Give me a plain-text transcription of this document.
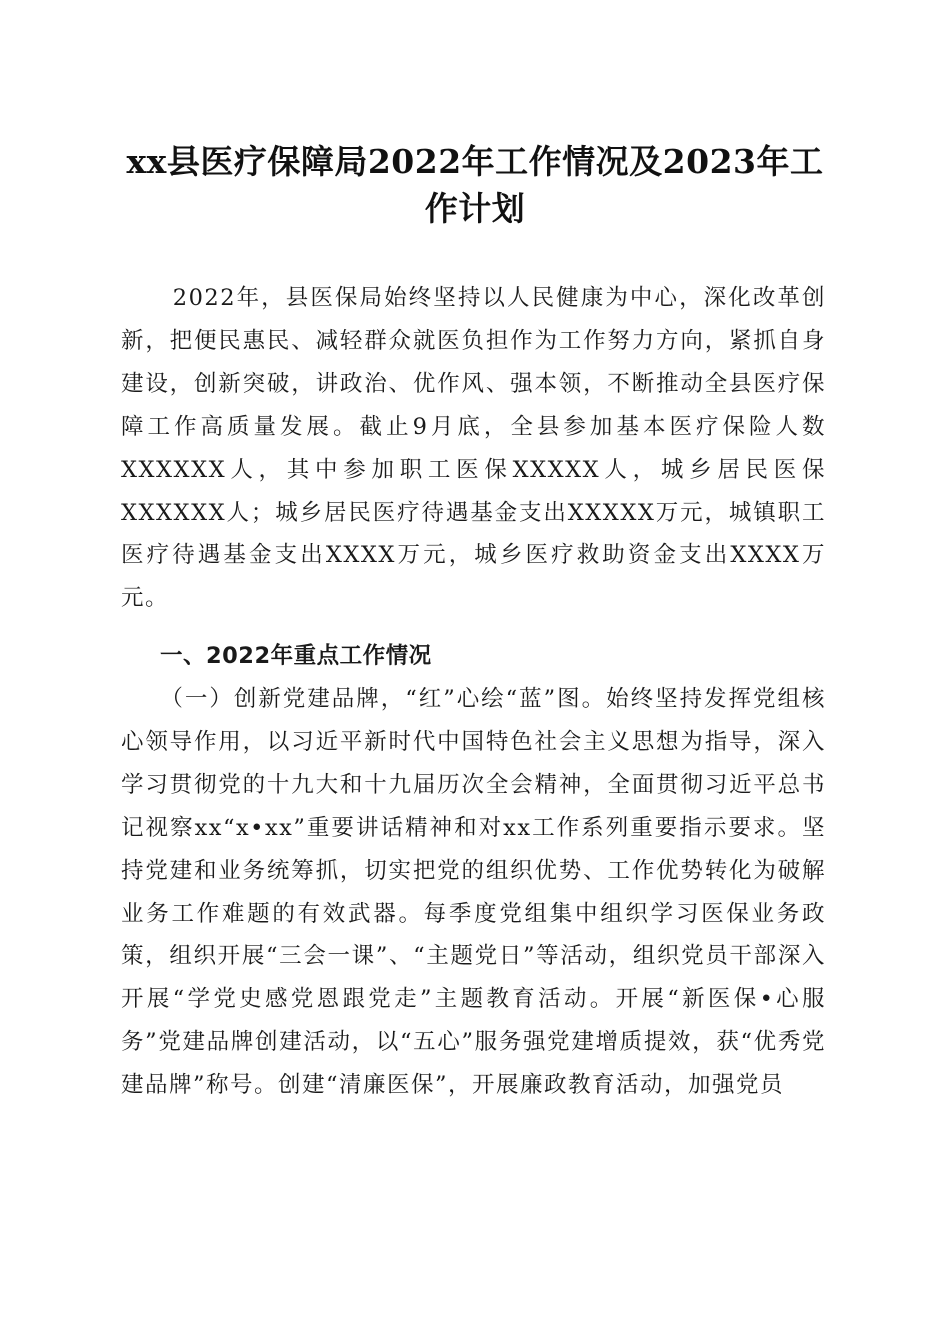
xx县医疗保障局2022年工作情况及2023年工作计划

2022年，县医保局始终坚持以人民健康为中心，深化改革创新，把便民惠民、减轻群众就医负担作为工作努力方向，紧抓自身建设，创新突破，讲政治、优作风、强本领，不断推动全县医疗保障工作高质量发展。截止9月底，全县参加基本医疗保险人数XXXXXX人，其中参加职工医保XXXXX人，城乡居民医保XXXXXX人；城乡居民医疗待遇基金支出XXXXX万元，城镇职工医疗待遇基金支出XXXX万元，城乡医疗救助资金支出XXXX万元。

一、2022年重点工作情况

（一）创新党建品牌，“红”心绘“蓝”图。始终坚持发挥党组核心领导作用，以习近平新时代中国特色社会主义思想为指导，深入学习贯彻党的十九大和十九届历次全会精神，全面贯彻习近平总书记视察xx“x•xx”重要讲话精神和对xx工作系列重要指示要求。坚持党建和业务统筹抓，切实把党的组织优势、工作优势转化为破解业务工作难题的有效武器。每季度党组集中组织学习医保业务政策，组织开展“三会一课”、“主题党日”等活动，组织党员干部深入开展“学党史感党恩跟党走”主题教育活动。开展“新医保•心服务”党建品牌创建活动，以“五心”服务强党建增质提效，获“优秀党建品牌”称号。创建“清廉医保”，开展廉政教育活动，加强党员
